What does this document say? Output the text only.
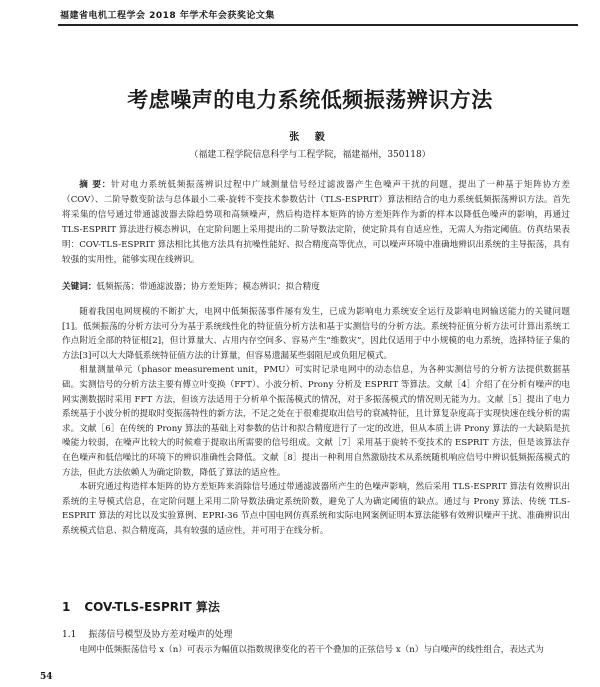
福建省电机工程学会 2018 年学术年会获奖论文集
考虑噪声的电力系统低频振荡辨识方法
张 毅
（福建工程学院信息科学与工程学院，福建福州，350118）
摘 要：针对电力系统低频振荡辨识过程中广域测量信号经过滤波器产生色噪声干扰的问题，提出了一种基于矩阵协方差（COV）、二阶导数变阶法与总体最小二乘-旋转不变技术参数估计（TLS-ESPRIT）算法相结合的电力系统低频振荡辨识方法。首先将采集的信号通过带通滤波器去除趋势项和高频噪声，然后构造样本矩阵的协方差矩阵作为新的样本以降低色噪声的影响，再通过 TLS-ESPRIT 算法进行模态辨识，在定阶问题上采用提出的二阶导数法定阶，使定阶具有自适应性，无需人为指定阈值。仿真结果表明：COV-TLS-ESPRIT 算法相比其他方法具有抗噪性能好、拟合精度高等优点，可以噪声环境中准确地辨识出系统的主导振荡，具有较强的实用性，能够实现在线辨识。
关键词：低频振荡；带通滤波器；协方差矩阵；模态辨识；拟合精度

随着我国电网规模的不断扩大，电网中低频振荡事件屡有发生，已成为影响电力系统安全运行及影响电网输送能力的关键问题[1]。低频振荡的分析方法可分为基于系统线性化的特征值分析方法和基于实测信号的分析方法。系统特征值分析方法可计算出系统工作点附近全部的特征根[2]，但计算量大、占用内存空间多、容易产生“维数灾”，因此仅适用于中小规模的电力系统，选择特征子集的方法[3]可以大大降低系统特征值方法的计算量，但容易遗漏某些弱阻尼或负阻尼模式。

相量测量单元（phasor measurement unit，PMU）可实时记录电网中的动态信息，为各种实测信号的分析方法提供数据基础。实测信号的分析方法主要有傅立叶变换（FFT）、小波分析、Prony 分析及 ESPRIT 等算法。文献［4］介绍了在分析有噪声的电网实测数据时采用 FFT 方法，但该方法适用于分析单个振荡模式的情况，对于多振荡模式的情况则无能为力。文献［5］提出了电力系统基于小波分析的提取时变振荡特性的新方法，不足之处在于很难提取出信号的衰减特征，且计算复杂度高于实现快速在线分析的需求。文献［6］在传统的 Prony 算法的基础上对参数的估计和拟合精度进行了一定的改进，但从本质上讲 Prony 算法的一大缺陷是抗噪能力较弱，在噪声比较大的时候难于提取出所需要的信号组成。文献［7］采用基于旋转不变技术的 ESPRIT 方法，但是该算法存在色噪声和低信噪比的环境下的辨识准确性会降低。文献［8］提出一种利用自然激励技术从系统随机响应信号中辨识低频振荡模式的方法，但此方法依赖人为确定阶数，降低了算法的适应性。

本研究通过构造样本矩阵的协方差矩阵来消除信号通过带通滤波器所产生的色噪声影响，然后采用 TLS-ESPRIT 算法有效辨识出系统的主导模式信息，在定阶问题上采用二阶导数法确定系统阶数，避免了人为确定阈值的缺点。通过与 Prony 算法、传统 TLS-ESPRIT 算法的对比以及实验算例、EPRI-36 节点中国电网仿真系统和实际电网案例证明本算法能够有效辨识噪声干扰、准确辨识出系统模式信息、拟合精度高，具有较强的适应性，并可用于在线分析。

1 COV-TLS-ESPRIT 算法
1.1 振荡信号模型及协方差对噪声的处理

电网中低频振荡信号 x（n）可表示为幅值以指数规律变化的若干个叠加的正弦信号 x（n）与白噪声的线性组合，表达式为

54
